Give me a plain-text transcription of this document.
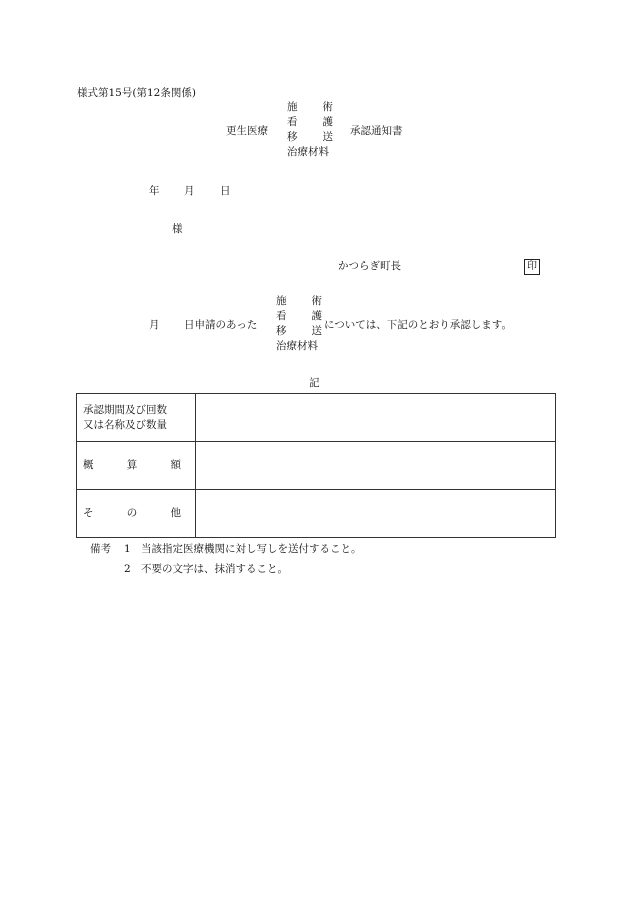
様式第15号(第12条関係)
更生医療
施 術
看 護
移 送
治療材料
承認通知書
年 月 日
様
かつらぎ町長	印
月 日申請のあった
施 術
看 護
移 送
治療材料
については、下記のとおり承認します。
記
承認期間及び回数
又は名称及び数量	

概 算 額	

そ の 他	

備考 1 当該指定医療機関に対し写しを送付すること。
2 不要の文字は、抹消すること。
